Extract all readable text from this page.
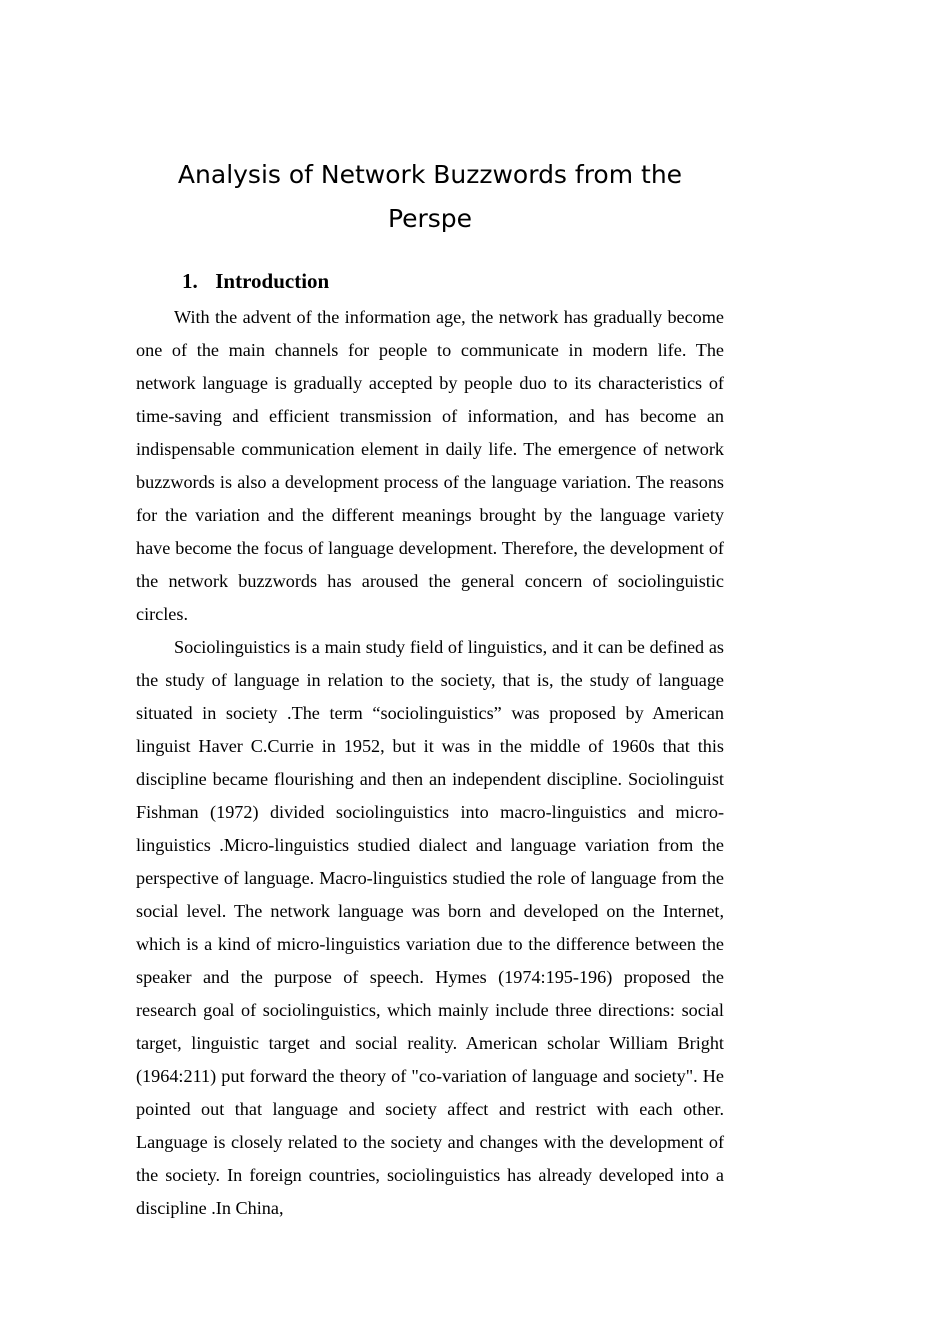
Analysis of Network Buzzwords from the Perspe
1. Introduction

With the advent of the information age, the network has gradually become one of the main channels for people to communicate in modern life. The network language is gradually accepted by people duo to its characteristics of time-saving and efficient transmission of information, and has become an indispensable communication element in daily life. The emergence of network buzzwords is also a development process of the language variation. The reasons for the variation and the different meanings brought by the language variety have become the focus of language development. Therefore, the development of the network buzzwords has aroused the general concern of sociolinguistic circles.

Sociolinguistics is a main study field of linguistics, and it can be defined as the study of language in relation to the society, that is, the study of language situated in society .The term “sociolinguistics” was proposed by American linguist Haver C.Currie in 1952, but it was in the middle of 1960s that this discipline became flourishing and then an independent discipline. Sociolinguist Fishman (1972) divided sociolinguistics into macro-linguistics and micro-linguistics .Micro-linguistics studied dialect and language variation from the perspective of language. Macro-linguistics studied the role of language from the social level. The network language was born and developed on the Internet, which is a kind of micro-linguistics variation due to the difference between the speaker and the purpose of speech. Hymes (1974:195-196) proposed the research goal of sociolinguistics, which mainly include three directions: social target, linguistic target and social reality. American scholar William Bright (1964:211) put forward the theory of "co-variation of language and society". He pointed out that language and society affect and restrict with each other. Language is closely related to the society and changes with the development of the society. In foreign countries, sociolinguistics has already developed into a discipline .In China,
